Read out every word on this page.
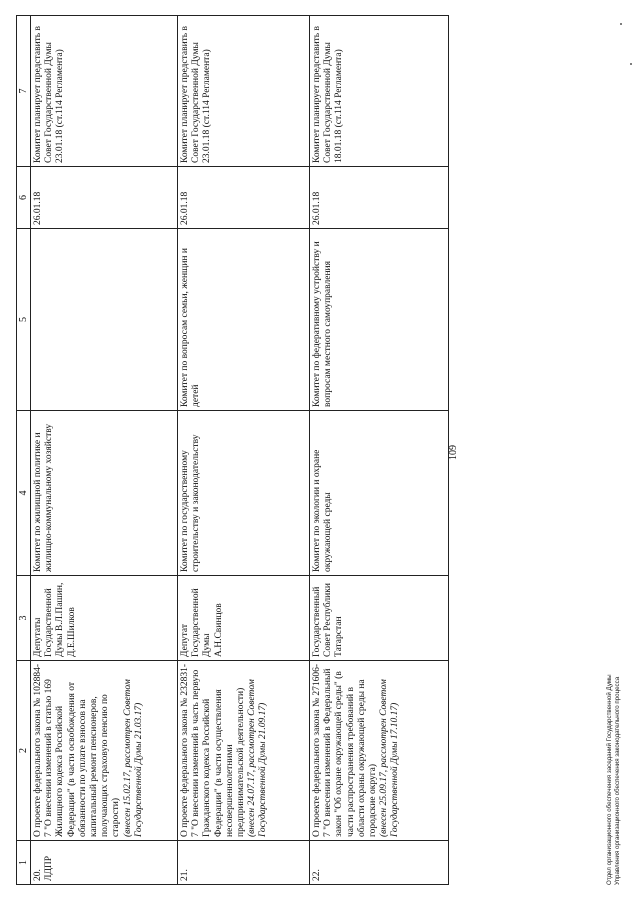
1
2
3
4
5
6
7

20. ЛДПР

О проекте федерального закона № 102884-7 "О внесении изменений в статью 169 Жилищного кодекса Российской Федерации" (в части освобождения от обязанности по уплате взносов на капитальный ремонт пенсионеров, получающих страховую пенсию по старости) (внесен 15.02.17, рассмотрен Советом Государственной Думы 21.03.17)

Депутаты Государственной Думы В.Л.Пашин, Д.Е.Шилков

Комитет по жилищной политике и жилищно-коммунальному хозяйству

26.01.18

Комитет планирует представить в Совет Государственной Думы 23.01.18 (ст.114 Регламента)

21.

О проекте федерального закона № 232831-7 "О внесении изменений в часть первую Гражданского кодекса Российской Федерации" (в части осуществления несовершеннолетними предпринимательской деятельности) (внесен 24.07.17, рассмотрен Советом Государственной Думы 21.09.17)

Депутат Государственной Думы А.Н.Свинцов

Комитет по государственному строительству и законодательству

Комитет по вопросам семьи, женщин и детей

26.01.18

Комитет планирует представить в Совет Государственной Думы 23.01.18 (ст.114 Регламента)

22.

О проекте федерального закона № 271606-7 "О внесении изменений в Федеральный закон "Об охране окружающей среды" (в части распространения требований в области охраны окружающей среды на городские округа) (внесен 25.09.17, рассмотрен Советом Государственной Думы 17.10.17)

Государственный Совет Республики Татарстан

Комитет по экологии и охране окружающей среды

Комитет по федеративному устройству и вопросам местного самоуправления

26.01.18

Комитет планирует представить в Совет Государственной Думы 18.01.18 (ст.114 Регламента)

109
Отдел организационного обеспечения заседаний Государственной Думы Управления организационного обеспечения законодательного процесса
